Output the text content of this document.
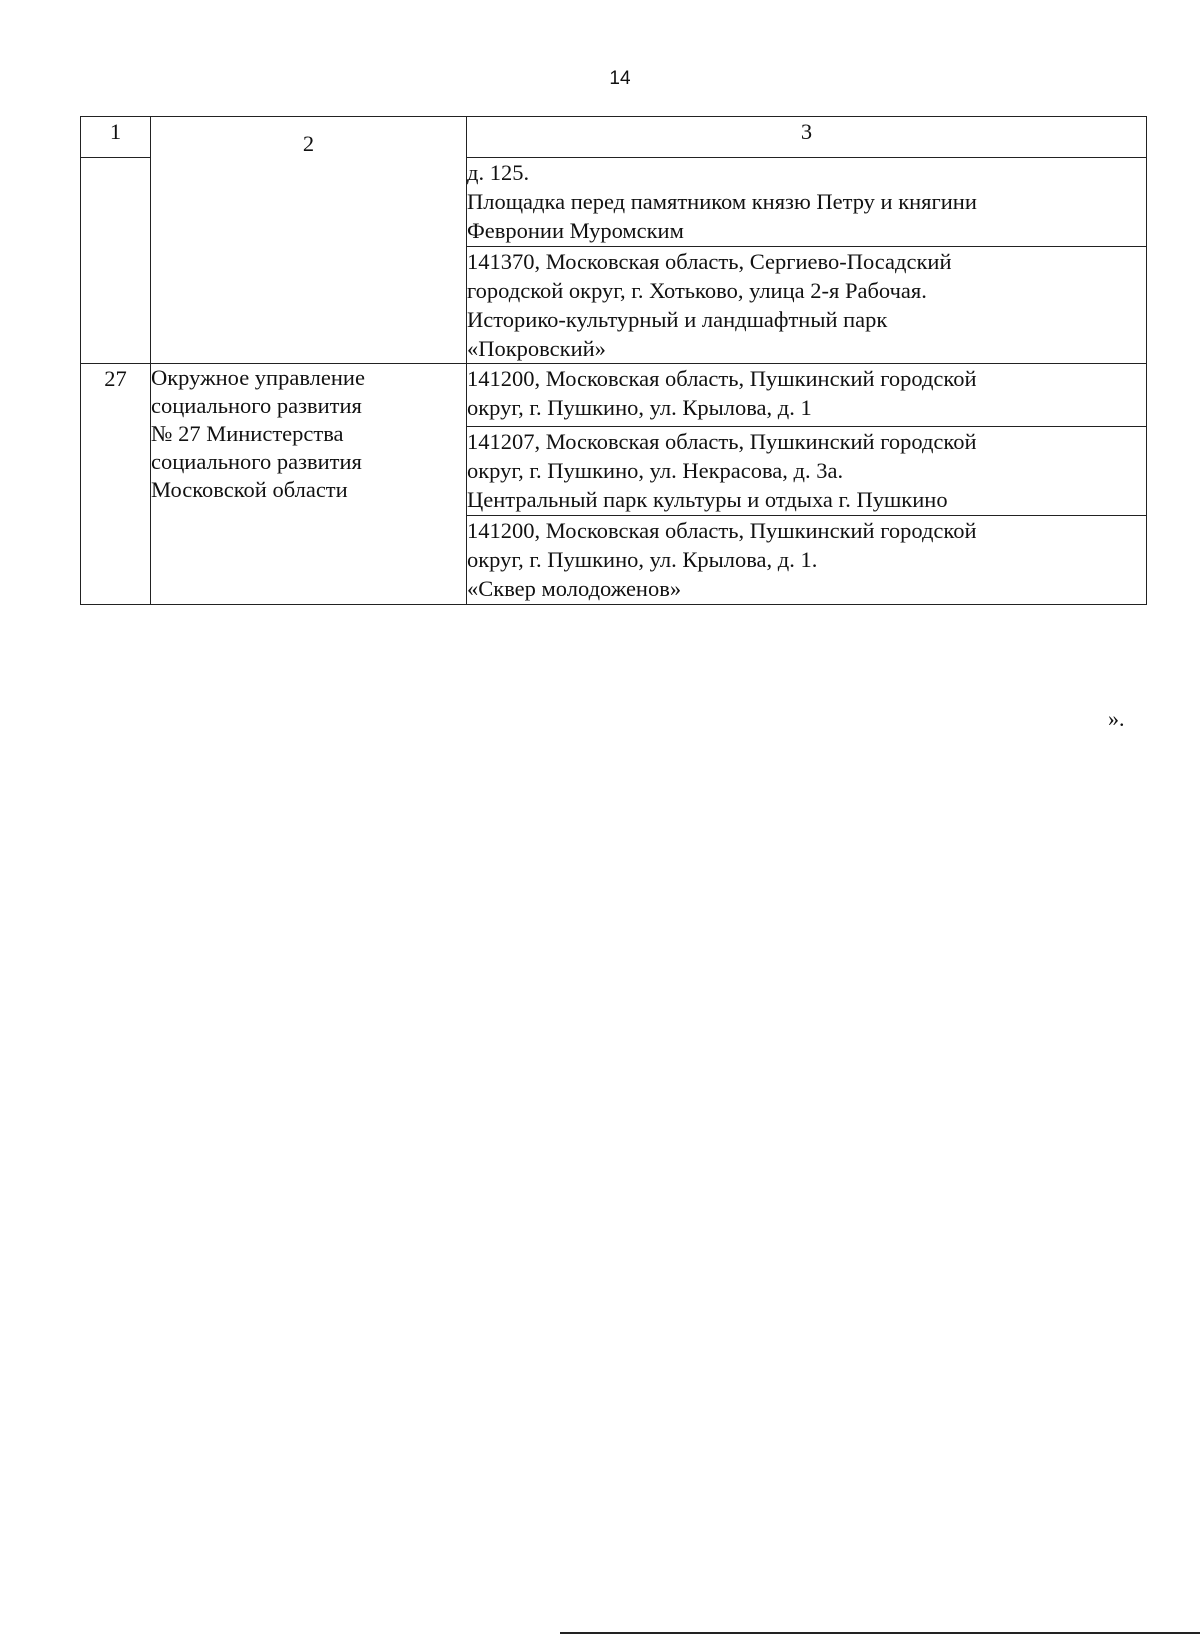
14
1	2	3

		д. 125.
Площадка перед памятником князю Петру и княгини
Февронии Муромским

		141370, Московская область, Сергиево-Посадский
городской округ, г. Хотьково, улица 2-я Рабочая.
Историко-культурный и ландшафтный парк
«Покровский»

27	Окружное управление
социального развития
№ 27 Министерства
социального развития
Московской области	141200, Московская область, Пушкинский городской
округ, г. Пушкино, ул. Крылова, д. 1

		141207, Московская область, Пушкинский городской
округ, г. Пушкино, ул. Некрасова, д. 3а.
Центральный парк культуры и отдыха г. Пушкино

		141200, Московская область, Пушкинский городской
округ, г. Пушкино, ул. Крылова, д. 1.
«Сквер молодоженов»
».
